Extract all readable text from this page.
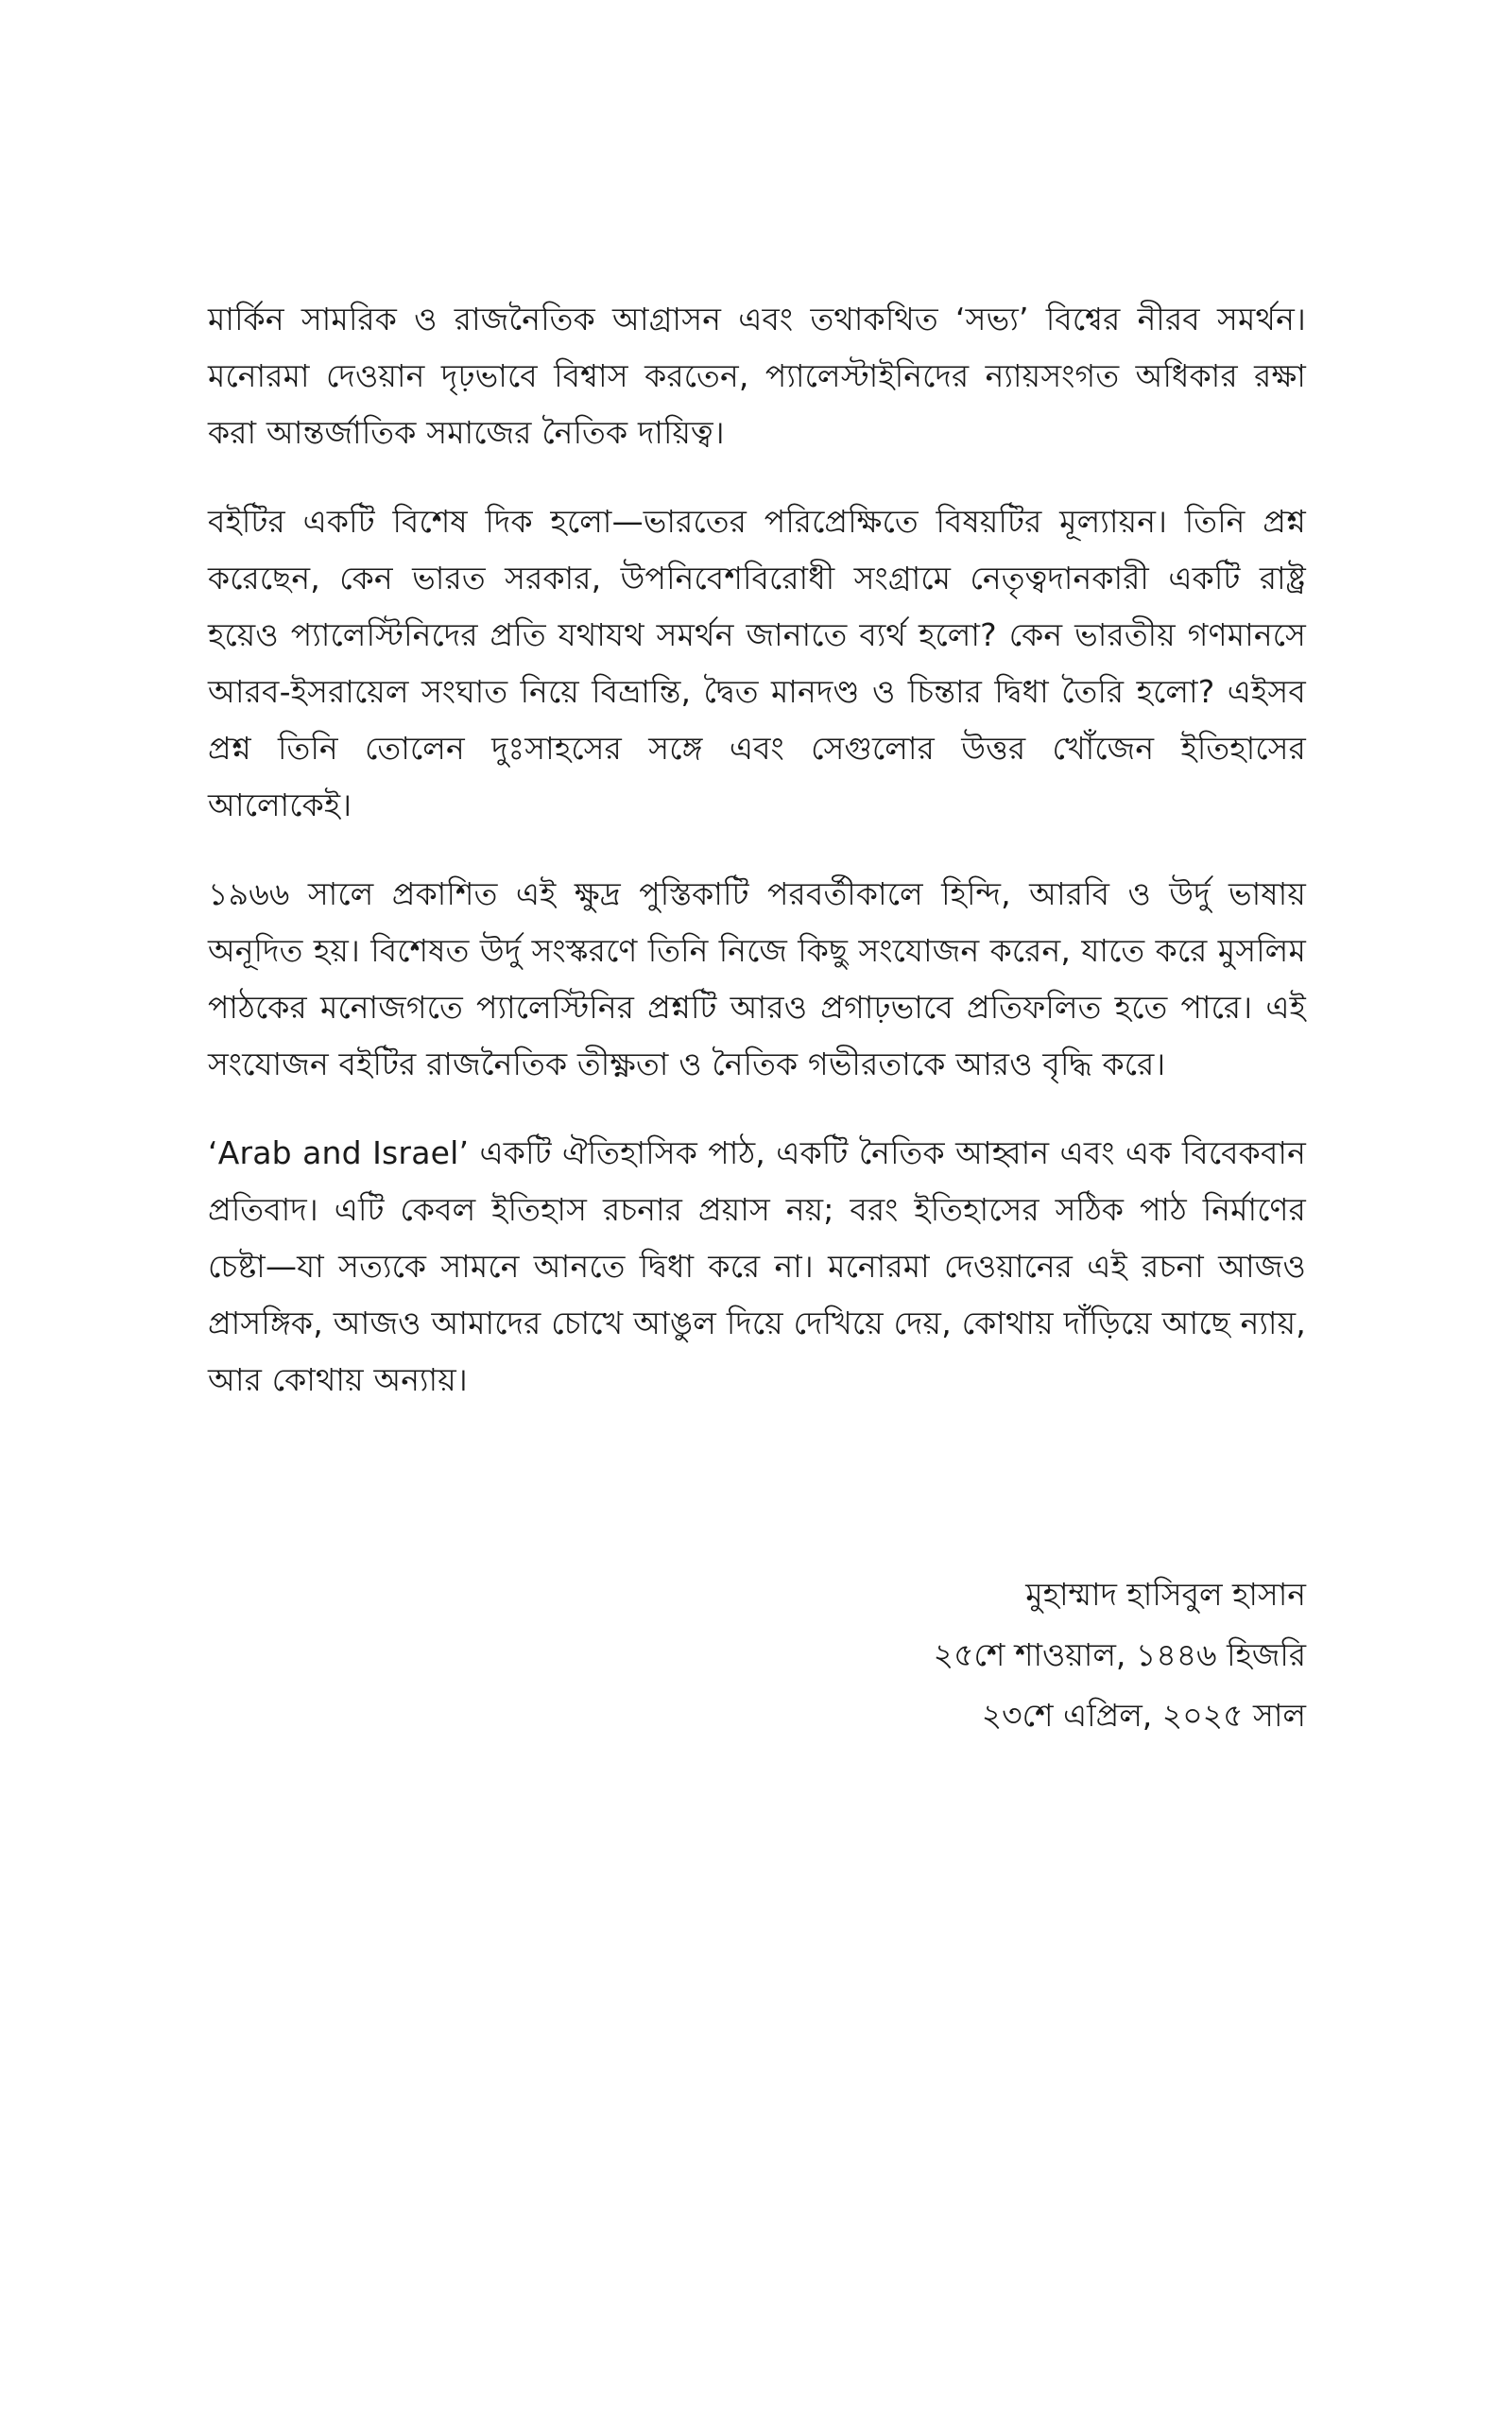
মার্কিন সামরিক ও রাজনৈতিক আগ্রাসন এবং তথাকথিত ‘সভ্য’ বিশ্বের নীরব সমর্থন। মনোরমা দেওয়ান দৃঢ়ভাবে বিশ্বাস করতেন, প্যালেস্টাইনিদের ন্যায়সংগত অধিকার রক্ষা করা আন্তর্জাতিক সমাজের নৈতিক দায়িত্ব।

বইটির একটি বিশেষ দিক হলো—ভারতের পরিপ্রেক্ষিতে বিষয়টির মূল্যায়ন। তিনি প্রশ্ন করেছেন, কেন ভারত সরকার, উপনিবেশবিরোধী সংগ্রামে নেতৃত্বদানকারী একটি রাষ্ট্র হয়েও প্যালেস্টিনিদের প্রতি যথাযথ সমর্থন জানাতে ব্যর্থ হলো? কেন ভারতীয় গণমানসে আরব-ইসরায়েল সংঘাত নিয়ে বিভ্রান্তি, দ্বৈত মানদণ্ড ও চিন্তার দ্বিধা তৈরি হলো? এইসব প্রশ্ন তিনি তোলেন দুঃসাহসের সঙ্গে এবং সেগুলোর উত্তর খোঁজেন ইতিহাসের আলোকেই।

১৯৬৬ সালে প্রকাশিত এই ক্ষুদ্র পুস্তিকাটি পরবর্তীকালে হিন্দি, আরবি ও উর্দু ভাষায় অনূদিত হয়। বিশেষত উর্দু সংস্করণে তিনি নিজে কিছু সংযোজন করেন, যাতে করে মুসলিম পাঠকের মনোজগতে প্যালেস্টিনির প্রশ্নটি আরও প্রগাঢ়ভাবে প্রতিফলিত হতে পারে। এই সংযোজন বইটির রাজনৈতিক তীক্ষ্ণতা ও নৈতিক গভীরতাকে আরও বৃদ্ধি করে।

‘Arab and Israel’ একটি ঐতিহাসিক পাঠ, একটি নৈতিক আহ্বান এবং এক বিবেকবান প্রতিবাদ। এটি কেবল ইতিহাস রচনার প্রয়াস নয়; বরং ইতিহাসের সঠিক পাঠ নির্মাণের চেষ্টা—যা সত্যকে সামনে আনতে দ্বিধা করে না। মনোরমা দেওয়ানের এই রচনা আজও প্রাসঙ্গিক, আজও আমাদের চোখে আঙুল দিয়ে দেখিয়ে দেয়, কোথায় দাঁড়িয়ে আছে ন্যায়, আর কোথায় অন্যায়।

মুহাম্মাদ হাসিবুল হাসান
২৫শে শাওয়াল, ১৪৪৬ হিজরি
২৩শে এপ্রিল, ২০২৫ সাল
